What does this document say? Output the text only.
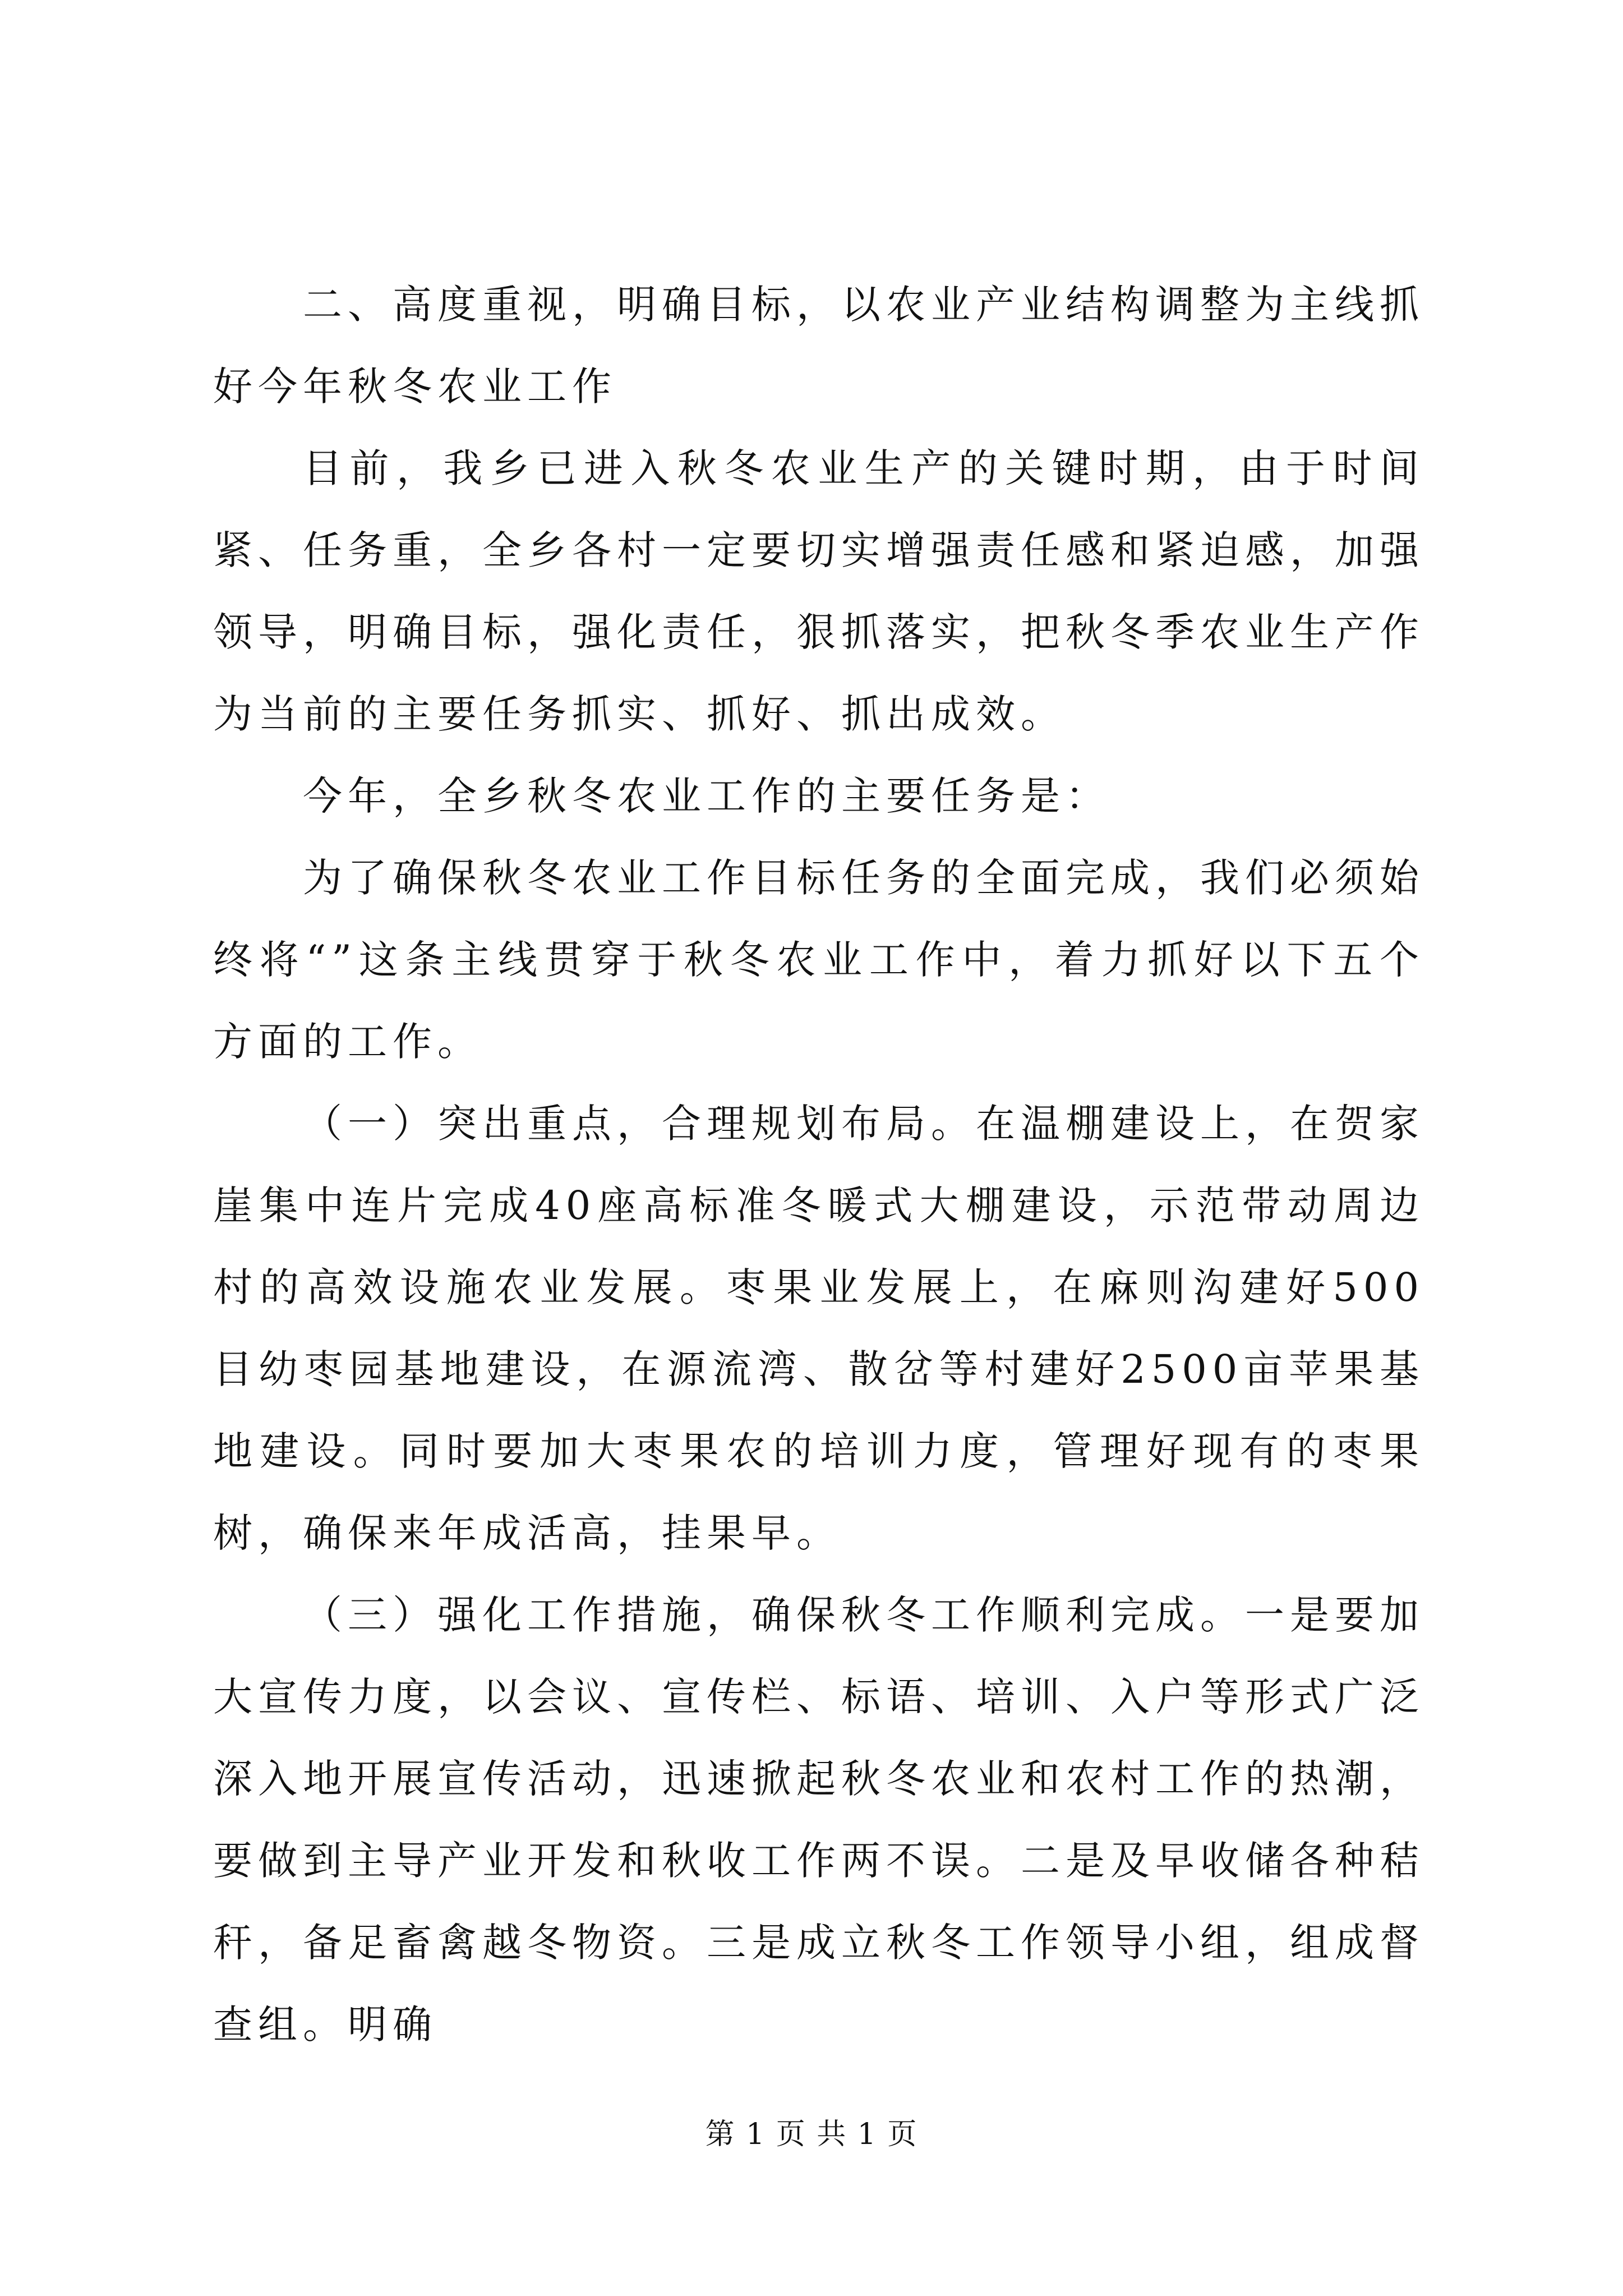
二、高度重视，明确目标，以农业产业结构调整为主线抓好今年秋冬农业工作

目前，我乡已进入秋冬农业生产的关键时期，由于时间紧、任务重，全乡各村一定要切实增强责任感和紧迫感，加强领导，明确目标，强化责任，狠抓落实，把秋冬季农业生产作为当前的主要任务抓实、抓好、抓出成效。

今年，全乡秋冬农业工作的主要任务是：

为了确保秋冬农业工作目标任务的全面完成，我们必须始终将“”这条主线贯穿于秋冬农业工作中，着力抓好以下五个方面的工作。

（一）突出重点，合理规划布局。在温棚建设上，在贺家崖集中连片完成40座高标准冬暖式大棚建设，示范带动周边村的高效设施农业发展。枣果业发展上，在麻则沟建好500目幼枣园基地建设，在源流湾、散岔等村建好2500亩苹果基地建设。同时要加大枣果农的培训力度，管理好现有的枣果树，确保来年成活高，挂果早。

（三）强化工作措施，确保秋冬工作顺利完成。一是要加大宣传力度，以会议、宣传栏、标语、培训、入户等形式广泛深入地开展宣传活动，迅速掀起秋冬农业和农村工作的热潮，要做到主导产业开发和秋收工作两不误。二是及早收储各种秸秆，备足畜禽越冬物资。三是成立秋冬工作领导小组，组成督查组。明确

第 1 页 共 1 页
